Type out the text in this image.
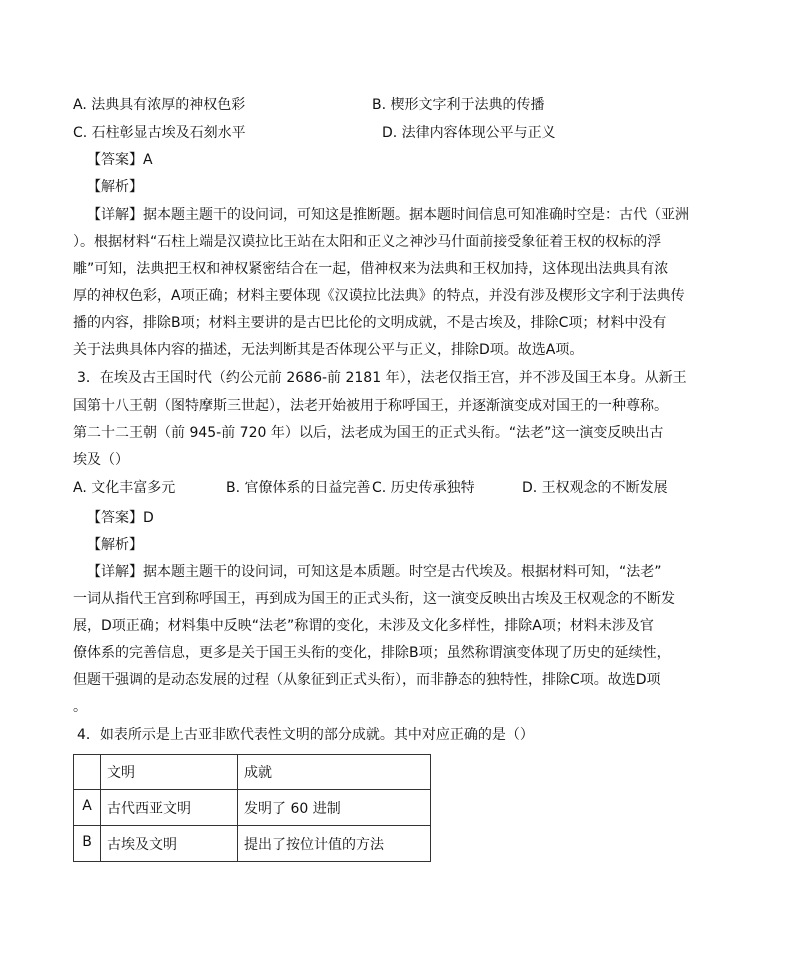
A. 法典具有浓厚的神权色彩	B. 楔形文字利于法典的传播
C. 石柱彰显古埃及石刻水平	D. 法律内容体现公平与正义
【答案】A
【解析】
【详解】据本题主题干的设问词，可知这是推断题。据本题时间信息可知准确时空是：古代（亚洲
）。根据材料“石柱上端是汉谟拉比王站在太阳和正义之神沙马什面前接受象征着王权的权标的浮
雕”可知，法典把王权和神权紧密结合在一起，借神权来为法典和王权加持，这体现出法典具有浓
厚的神权色彩，A项正确；材料主要体现《汉谟拉比法典》的特点，并没有涉及楔形文字利于法典传
播的内容，排除B项；材料主要讲的是古巴比伦的文明成就，不是古埃及，排除C项；材料中没有
关于法典具体内容的描述，无法判断其是否体现公平与正义，排除D项。故选A项。
3．在埃及古王国时代（约公元前 2686-前 2181 年），法老仅指王宫，并不涉及国王本身。从新王
国第十八王朝（图特摩斯三世起），法老开始被用于称呼国王，并逐渐演变成对国王的一种尊称。
第二十二王朝（前 945-前 720 年）以后，法老成为国王的正式头衔。“法老”这一演变反映出古
埃及（）
A. 文化丰富多元	B. 官僚体系的日益完善 C. 历史传承独特	D. 王权观念的不断发展
【答案】D
【解析】
【详解】据本题主题干的设问词，可知这是本质题。时空是古代埃及。根据材料可知，“法老”
一词从指代王宫到称呼国王，再到成为国王的正式头衔，这一演变反映出古埃及王权观念的不断发
展，D项正确；材料集中反映“法老”称谓的变化，未涉及文化多样性，排除A项；材料未涉及官
僚体系的完善信息，更多是关于国王头衔的变化，排除B项；虽然称谓演变体现了历史的延续性，
但题干强调的是动态发展的过程（从象征到正式头衔），而非静态的独特性，排除C项。故选D项
。
4．如表所示是上古亚非欧代表性文明的部分成就。其中对应正确的是（）
	文明	成就
A	古代西亚文明	发明了 60 进制
B	古埃及文明	提出了按位计值的方法
